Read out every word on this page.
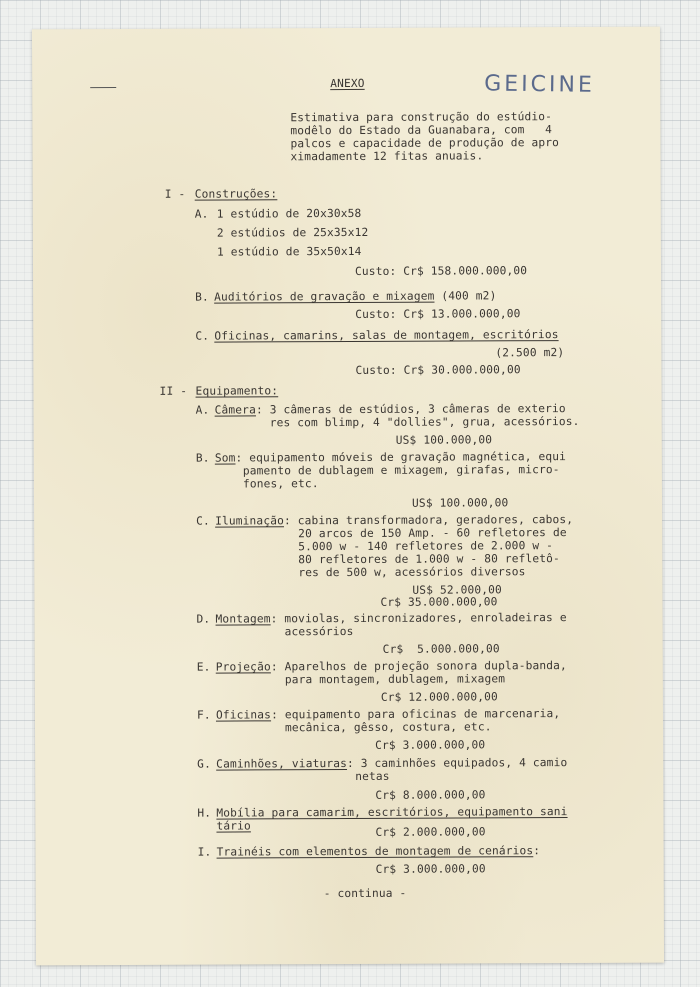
GEICINE
ANEXO
Estimativa para construção do estúdio-
modêlo do Estado da Guanabara, com   4
palcos e capacidade de produção de apro
ximadamente 12 fitas anuais.
I - Construções:
A. 1 estúdio de 20x30x58
2 estúdios de 25x35x12
1 estúdio de 35x50x14
Custo: Cr$ 158.000.000,00
B. Auditórios de gravação e mixagem (400 m2)
Custo: Cr$ 13.000.000,00
C. Oficinas, camarins, salas de montagem, escritórios
(2.500 m2)
Custo: Cr$ 30.000.000,00
II - Equipamento:
A. Câmera: 3 câmeras de estúdios, 3 câmeras de exterio
res com blimp, 4 "dollies", grua, acessórios.
US$ 100.000,00
B. Som: equipamento móveis de gravação magnética, equi
pamento de dublagem e mixagem, girafas, micro-
fones, etc.
US$ 100.000,00
C. Iluminação: cabina transformadora, geradores, cabos,
20 arcos de 150 Amp. - 60 refletores de
5.000 w - 140 refletores de 2.000 w -
80 refletores de 1.000 w - 80 refletô-
res de 500 w, acessórios diversos
US$ 52.000,00
Cr$ 35.000.000,00
D. Montagem: moviolas, sincronizadores, enroladeiras e
acessórios
Cr$  5.000.000,00
E. Projeção: Aparelhos de projeção sonora dupla-banda,
para montagem, dublagem, mixagem
Cr$ 12.000.000,00
F. Oficinas: equipamento para oficinas de marcenaria,
mecânica, gêsso, costura, etc.
Cr$ 3.000.000,00
G. Caminhões, viaturas: 3 caminhões equipados, 4 camio
netas
Cr$ 8.000.000,00
H. Mobília para camarim, escritórios, equipamento sani
tário	Cr$ 2.000.000,00
I. Trainéis com elementos de montagem de cenários:
Cr$ 3.000.000,00
- continua -
